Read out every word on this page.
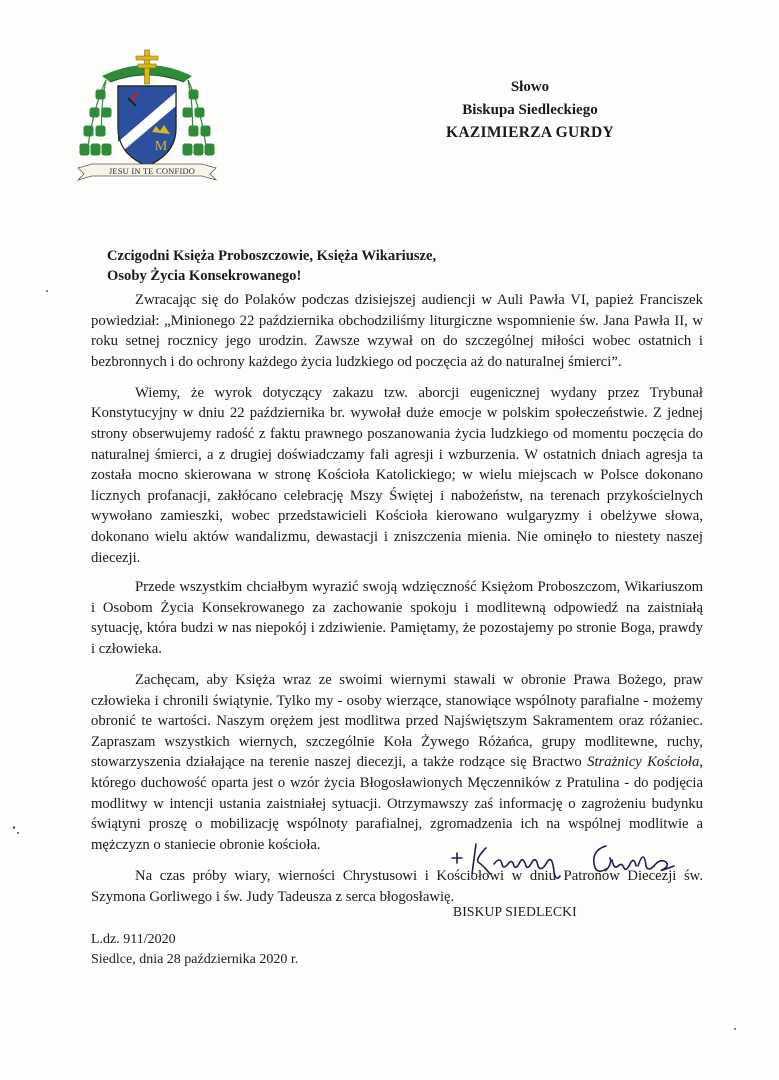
M
JESU IN TE CONFIDO
Słowo
Biskupa Siedleckiego
KAZIMIERZA GURDY
Czcigodni Księża Proboszczowie, Księża Wikariusze,
Osoby Życia Konsekrowanego!

Zwracając się do Polaków podczas dzisiejszej audiencji w Auli Pawła VI, papież Franciszek powiedział: „Minionego 22 października obchodziliśmy liturgiczne wspomnienie św. Jana Pawła II, w roku setnej rocznicy jego urodzin. Zawsze wzywał on do szczególnej miłości wobec ostatnich i bezbronnych i do ochrony każdego życia ludzkiego od poczęcia aż do naturalnej śmierci”.

Wiemy, że wyrok dotyczący zakazu tzw. aborcji eugenicznej wydany przez Trybunał Konstytucyjny w dniu 22 października br. wywołał duże emocje w polskim społeczeństwie. Z jednej strony obserwujemy radość z faktu prawnego poszanowania życia ludzkiego od momentu poczęcia do naturalnej śmierci, a z drugiej doświadczamy fali agresji i wzburzenia. W ostatnich dniach agresja ta została mocno skierowana w stronę Kościoła Katolickiego; w wielu miejscach w Polsce dokonano licznych profanacji, zakłócano celebrację Mszy Świętej i nabożeństw, na terenach przykościelnych wywołano zamieszki, wobec przedstawicieli Kościoła kierowano wulgaryzmy i obelżywe słowa, dokonano wielu aktów wandalizmu, dewastacji i zniszczenia mienia. Nie ominęło to niestety naszej diecezji.

Przede wszystkim chciałbym wyrazić swoją wdzięczność Księżom Proboszczom, Wikariuszom i Osobom Życia Konsekrowanego za zachowanie spokoju i modlitewną odpowiedź na zaistniałą sytuację, która budzi w nas niepokój i zdziwienie. Pamiętamy, że pozostajemy po stronie Boga, prawdy i człowieka.

Zachęcam, aby Księża wraz ze swoimi wiernymi stawali w obronie Prawa Bożego, praw człowieka i chronili świątynie. Tylko my - osoby wierzące, stanowiące wspólnoty parafialne - możemy obronić te wartości. Naszym orężem jest modlitwa przed Najświętszym Sakramentem oraz różaniec. Zapraszam wszystkich wiernych, szczególnie Koła Żywego Różańca, grupy modlitewne, ruchy, stowarzyszenia działające na terenie naszej diecezji, a także rodzące się Bractwo Strażnicy Kościoła, którego duchowość oparta jest o wzór życia Błogosławionych Męczenników z Pratulina - do podjęcia modlitwy w intencji ustania zaistniałej sytuacji. Otrzymawszy zaś informację o zagrożeniu budynku świątyni proszę o mobilizację wspólnoty parafialnej, zgromadzenia ich na wspólnej modlitwie a mężczyzn o staniecie obronie kościoła.

Na czas próby wiary, wierności Chrystusowi i Kościołowi w dniu Patronów Diecezji św. Szymona Gorliwego i św. Judy Tadeusza z serca błogosławię.

BISKUP SIEDLECKI
L.dz. 911/2020
Siedlce, dnia 28 października 2020 r.
